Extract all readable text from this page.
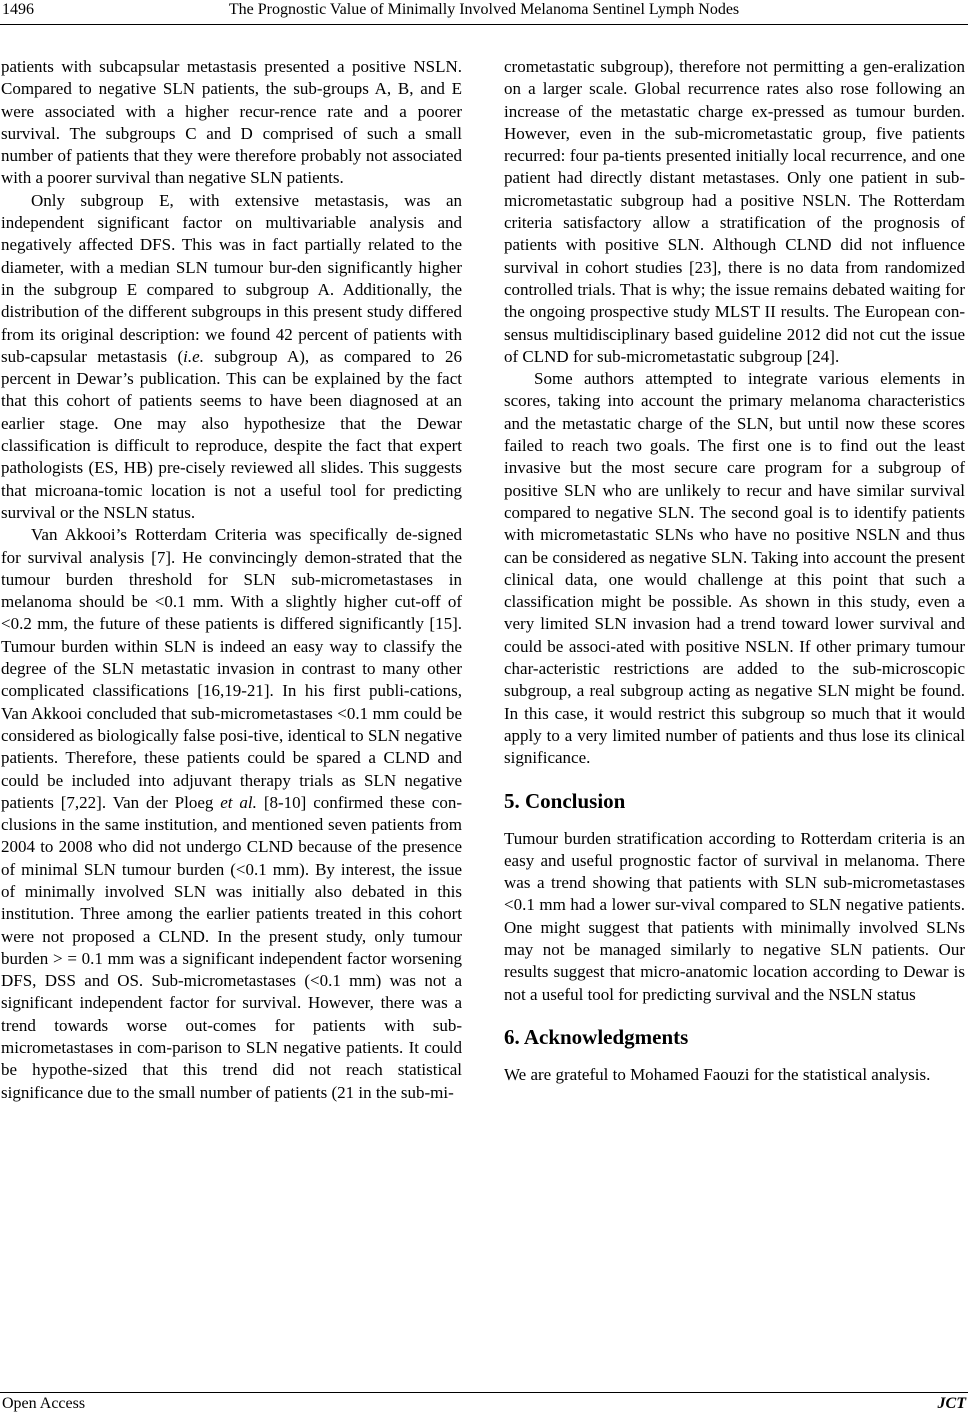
1496	The Prognostic Value of Minimally Involved Melanoma Sentinel Lymph Nodes

patients with subcapsular metastasis presented a positive NSLN. Compared to negative SLN patients, the sub-groups A, B, and E were associated with a higher recur-rence rate and a poorer survival. The subgroups C and D comprised of such a small number of patients that they were therefore probably not associated with a poorer survival than negative SLN patients.

Only subgroup E, with extensive metastasis, was an independent significant factor on multivariable analysis and negatively affected DFS. This was in fact partially related to the diameter, with a median SLN tumour bur-den significantly higher in the subgroup E compared to subgroup A. Additionally, the distribution of the different subgroups in this present study differed from its original description: we found 42 percent of patients with sub-capsular metastasis (i.e. subgroup A), as compared to 26 percent in Dewar’s publication. This can be explained by the fact that this cohort of patients seems to have been diagnosed at an earlier stage. One may also hypothesize that the Dewar classification is difficult to reproduce, despite the fact that expert pathologists (ES, HB) pre-cisely reviewed all slides. This suggests that microana-tomic location is not a useful tool for predicting survival or the NSLN status.

Van Akkooi’s Rotterdam Criteria was specifically de-signed for survival analysis [7]. He convincingly demon-strated that the tumour burden threshold for SLN sub-micrometastases in melanoma should be <0.1 mm. With a slightly higher cut-off of <0.2 mm, the future of these patients is differed significantly [15]. Tumour burden within SLN is indeed an easy way to classify the degree of the SLN metastatic invasion in contrast to many other complicated classifications [16,19-21]. In his first publi-cations, Van Akkooi concluded that sub-micrometastases <0.1 mm could be considered as biologically false posi-tive, identical to SLN negative patients. Therefore, these patients could be spared a CLND and could be included into adjuvant therapy trials as SLN negative patients [7,22]. Van der Ploeg et al. [8-10] confirmed these con-clusions in the same institution, and mentioned seven patients from 2004 to 2008 who did not undergo CLND because of the presence of minimal SLN tumour burden (<0.1 mm). By interest, the issue of minimally involved SLN was initially also debated in this institution. Three among the earlier patients treated in this cohort were not proposed a CLND. In the present study, only tumour burden > = 0.1 mm was a significant independent factor worsening DFS, DSS and OS. Sub-micrometastases (<0.1 mm) was not a significant independent factor for survival. However, there was a trend towards worse out-comes for patients with sub-micrometastases in com-parison to SLN negative patients. It could be hypothe-sized that this trend did not reach statistical significance due to the small number of patients (21 in the sub-mi-

crometastatic subgroup), therefore not permitting a gen-eralization on a larger scale. Global recurrence rates also rose following an increase of the metastatic charge ex-pressed as tumour burden. However, even in the sub-micrometastatic group, five patients recurred: four pa-tients presented initially local recurrence, and one patient had directly distant metastases. Only one patient in sub-micrometastatic subgroup had a positive NSLN. The Rotterdam criteria satisfactory allow a stratification of the prognosis of patients with positive SLN. Although CLND did not influence survival in cohort studies [23], there is no data from randomized controlled trials. That is why; the issue remains debated waiting for the ongoing prospective study MLST II results. The European con-sensus multidisciplinary based guideline 2012 did not cut the issue of CLND for sub-micrometastatic subgroup [24].

Some authors attempted to integrate various elements in scores, taking into account the primary melanoma characteristics and the metastatic charge of the SLN, but until now these scores failed to reach two goals. The first one is to find out the least invasive but the most secure care program for a subgroup of positive SLN who are unlikely to recur and have similar survival compared to negative SLN. The second goal is to identify patients with micrometastatic SLNs who have no positive NSLN and thus can be considered as negative SLN. Taking into account the present clinical data, one would challenge at this point that such a classification might be possible. As shown in this study, even a very limited SLN invasion had a trend toward lower survival and could be associ-ated with positive NSLN. If other primary tumour char-acteristic restrictions are added to the sub-microscopic subgroup, a real subgroup acting as negative SLN might be found. In this case, it would restrict this subgroup so much that it would apply to a very limited number of patients and thus lose its clinical significance.

5. Conclusion

Tumour burden stratification according to Rotterdam criteria is an easy and useful prognostic factor of survival in melanoma. There was a trend showing that patients with SLN sub-micrometastases <0.1 mm had a lower sur-vival compared to SLN negative patients. One might suggest that patients with minimally involved SLNs may not be managed similarly to negative SLN patients. Our results suggest that micro-anatomic location according to Dewar is not a useful tool for predicting survival and the NSLN status

6. Acknowledgments

We are grateful to Mohamed Faouzi for the statistical analysis.

Open Access	JCT
